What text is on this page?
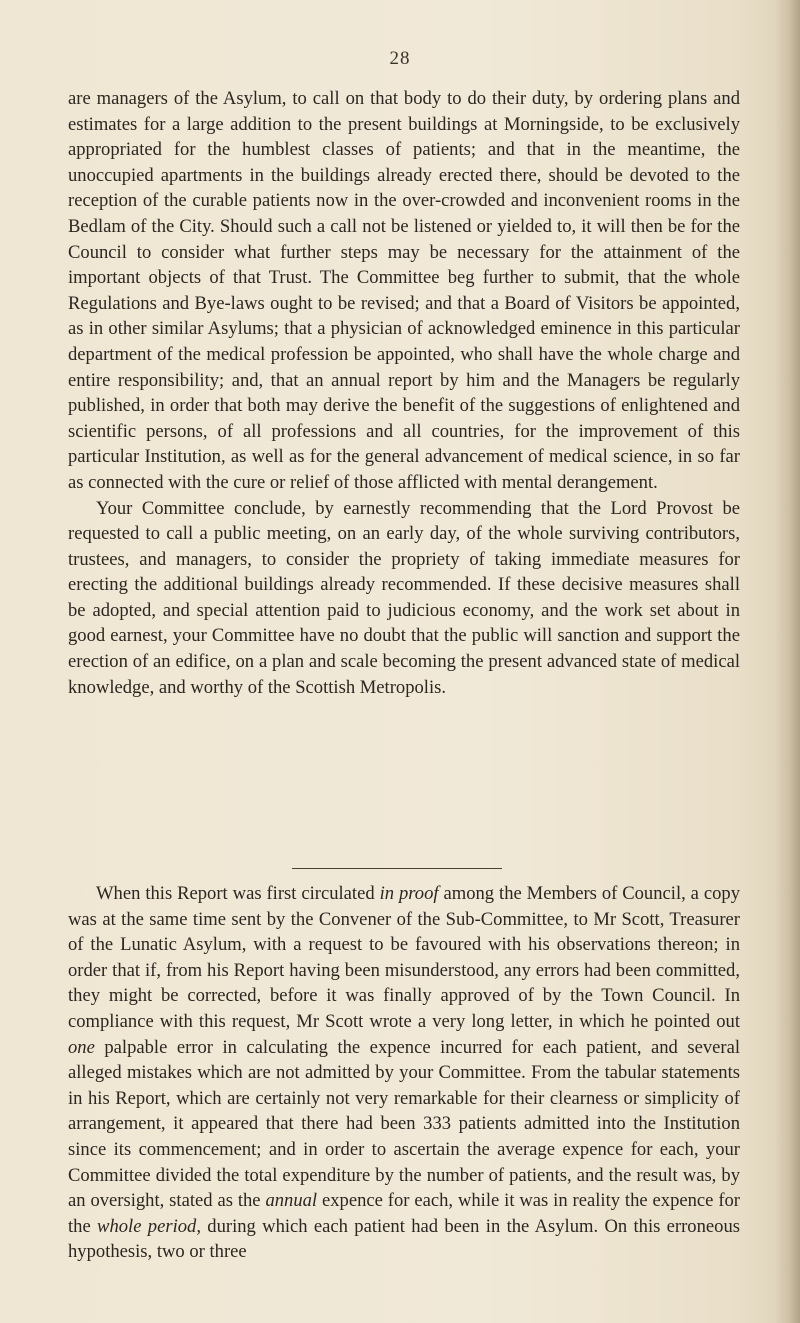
28

are managers of the Asylum, to call on that body to do their duty, by ordering plans and estimates for a large addition to the present buildings at Morningside, to be exclusively appropriated for the humblest classes of patients; and that in the meantime, the unoccupied apartments in the buildings already erected there, should be devoted to the reception of the curable patients now in the over-crowded and inconvenient rooms in the Bedlam of the City. Should such a call not be listened or yielded to, it will then be for the Council to consider what further steps may be necessary for the attainment of the important objects of that Trust. The Committee beg further to submit, that the whole Regulations and Bye-laws ought to be revised; and that a Board of Visitors be appointed, as in other similar Asylums; that a physician of acknowledged eminence in this particular department of the medical profession be appointed, who shall have the whole charge and entire responsibility; and, that an annual report by him and the Managers be regularly published, in order that both may derive the benefit of the suggestions of enlightened and scientific persons, of all professions and all countries, for the improvement of this particular Institution, as well as for the general advancement of medical science, in so far as connected with the cure or relief of those afflicted with mental derangement.

Your Committee conclude, by earnestly recommending that the Lord Provost be requested to call a public meeting, on an early day, of the whole surviving contributors, trustees, and managers, to consider the propriety of taking immediate measures for erecting the additional buildings already recommended. If these decisive measures shall be adopted, and special attention paid to judicious economy, and the work set about in good earnest, your Committee have no doubt that the public will sanction and support the erection of an edifice, on a plan and scale becoming the present advanced state of medical knowledge, and worthy of the Scottish Metropolis.

When this Report was first circulated in proof among the Members of Council, a copy was at the same time sent by the Convener of the Sub-Committee, to Mr Scott, Treasurer of the Lunatic Asylum, with a request to be favoured with his observations thereon; in order that if, from his Report having been misunderstood, any errors had been committed, they might be corrected, before it was finally approved of by the Town Council. In compliance with this request, Mr Scott wrote a very long letter, in which he pointed out one palpable error in calculating the expence incurred for each patient, and several alleged mistakes which are not admitted by your Committee. From the tabular statements in his Report, which are certainly not very remarkable for their clearness or simplicity of arrangement, it appeared that there had been 333 patients admitted into the Institution since its commencement; and in order to ascertain the average expence for each, your Committee divided the total expenditure by the number of patients, and the result was, by an oversight, stated as the annual expence for each, while it was in reality the expence for the whole period, during which each patient had been in the Asylum. On this erroneous hypothesis, two or three
